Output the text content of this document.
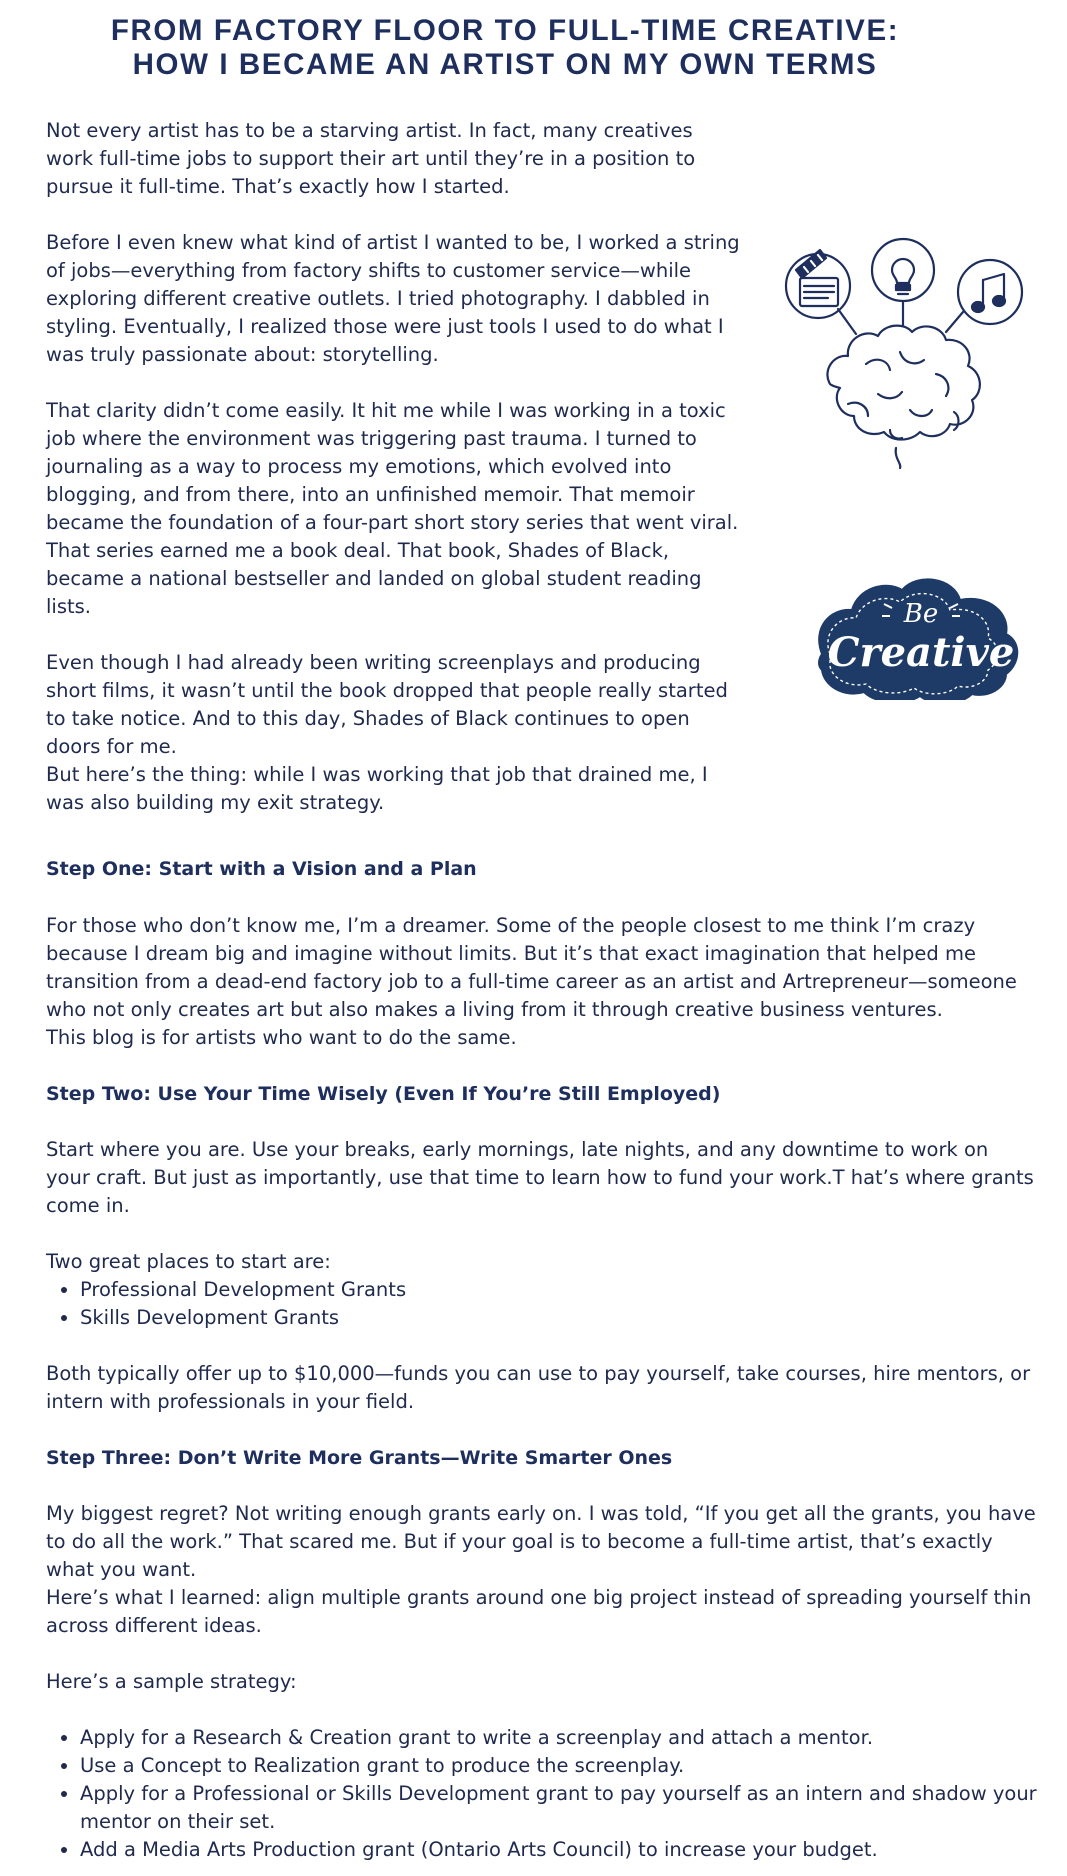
FROM FACTORY FLOOR TO FULL-TIME CREATIVE:
HOW I BECAME AN ARTIST ON MY OWN TERMS

Not every artist has to be a starving artist. In fact, many creatives work full-time jobs to support their art until they’re in a position to pursue it full-time. That’s exactly how I started.

Before I even knew what kind of artist I wanted to be, I worked a string of jobs—everything from factory shifts to customer service—while exploring different creative outlets. I tried photography. I dabbled in styling. Eventually, I realized those were just tools I used to do what I was truly passionate about: storytelling.

That clarity didn’t come easily. It hit me while I was working in a toxic job where the environment was triggering past trauma. I turned to journaling as a way to process my emotions, which evolved into blogging, and from there, into an unfinished memoir. That memoir became the foundation of a four-part short story series that went viral. That series earned me a book deal. That book, Shades of Black, became a national bestseller and landed on global student reading lists.

Even though I had already been writing screenplays and producing short films, it wasn’t until the book dropped that people really started to take notice. And to this day, Shades of Black continues to open doors for me.

But here’s the thing: while I was working that job that drained me, I was also building my exit strategy.

Be
Creative

Step One: Start with a Vision and a Plan

For those who don’t know me, I’m a dreamer. Some of the people closest to me think I’m crazy because I dream big and imagine without limits. But it’s that exact imagination that helped me transition from a dead-end factory job to a full-time career as an artist and Artrepreneur—someone who not only creates art but also makes a living from it through creative business ventures.

This blog is for artists who want to do the same.

Step Two: Use Your Time Wisely (Even If You’re Still Employed)

Start where you are. Use your breaks, early mornings, late nights, and any downtime to work on your craft. But just as importantly, use that time to learn how to fund your work.T hat’s where grants come in.

Two great places to start are:

• Professional Development Grants
• Skills Development Grants

Both typically offer up to $10,000—funds you can use to pay yourself, take courses, hire mentors, or intern with professionals in your field.

Step Three: Don’t Write More Grants—Write Smarter Ones

My biggest regret? Not writing enough grants early on. I was told, “If you get all the grants, you have to do all the work.” That scared me. But if your goal is to become a full-time artist, that’s exactly what you want.

Here’s what I learned: align multiple grants around one big project instead of spreading yourself thin across different ideas.

Here’s a sample strategy:

• Apply for a Research & Creation grant to write a screenplay and attach a mentor.
• Use a Concept to Realization grant to produce the screenplay.
• Apply for a Professional or Skills Development grant to pay yourself as an intern and shadow your mentor on their set.
• Add a Media Arts Production grant (Ontario Arts Council) to increase your budget.
